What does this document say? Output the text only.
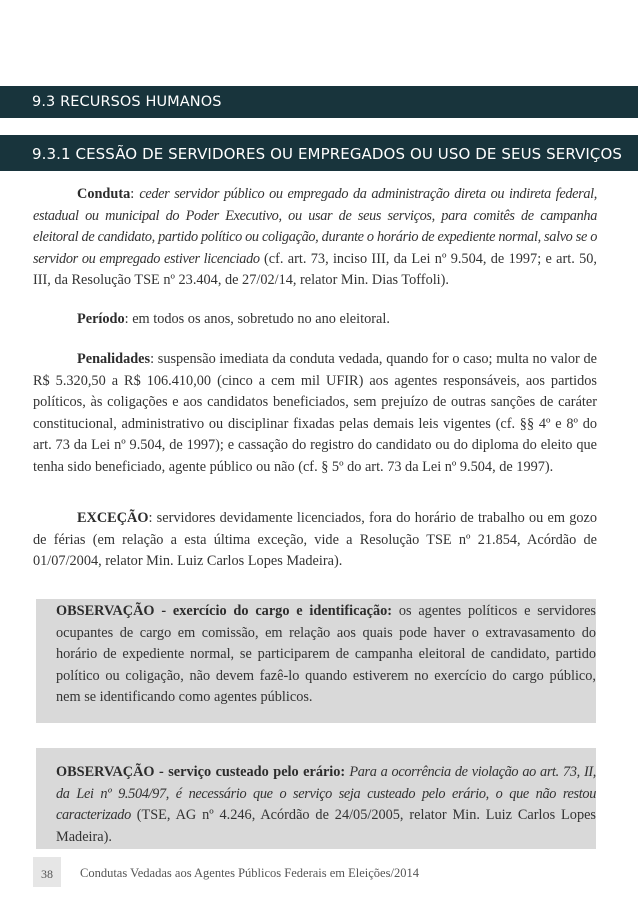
9.3 RECURSOS HUMANOS
9.3.1 CESSÃO DE SERVIDORES OU EMPREGADOS OU USO DE SEUS SERVIÇOS

Conduta: ceder servidor público ou empregado da administração direta ou indireta federal, estadual ou municipal do Poder Executivo, ou usar de seus serviços, para comitês de campanha eleitoral de candidato, partido político ou coligação, durante o horário de expediente normal, salvo se o servidor ou empregado estiver licenciado (cf. art. 73, inciso III, da Lei nº 9.504, de 1997; e art. 50, III, da Resolução TSE nº 23.404, de 27/02/14, relator Min. Dias Toffoli).

Período: em todos os anos, sobretudo no ano eleitoral.

Penalidades: suspensão imediata da conduta vedada, quando for o caso; multa no valor de R$ 5.320,50 a R$ 106.410,00 (cinco a cem mil UFIR) aos agentes responsáveis, aos partidos políticos, às coligações e aos candidatos beneficiados, sem prejuízo de outras sanções de caráter constitucional, administrativo ou disciplinar fixadas pelas demais leis vigentes (cf. §§ 4º e 8º do art. 73 da Lei nº 9.504, de 1997); e cassação do registro do candidato ou do diploma do eleito que tenha sido beneficiado, agente público ou não (cf. § 5º do art. 73 da Lei nº 9.504, de 1997).

EXCEÇÃO: servidores devidamente licenciados, fora do horário de trabalho ou em gozo de férias (em relação a esta última exceção, vide a Resolução TSE nº 21.854, Acórdão de 01/07/2004, relator Min. Luiz Carlos Lopes Madeira).

OBSERVAÇÃO - exercício do cargo e identificação: os agentes políticos e servidores ocupantes de cargo em comissão, em relação aos quais pode haver o extravasamento do horário de expediente normal, se participarem de campanha eleitoral de candidato, partido político ou coligação, não devem fazê-lo quando estiverem no exercício do cargo público, nem se identificando como agentes públicos.

OBSERVAÇÃO - serviço custeado pelo erário: Para a ocorrência de violação ao art. 73, II, da Lei nº 9.504/97, é necessário que o serviço seja custeado pelo erário, o que não restou caracterizado (TSE, AG nº 4.246, Acórdão de 24/05/2005, relator Min. Luiz Carlos Lopes Madeira).

38	Condutas Vedadas aos Agentes Públicos Federais em Eleições/2014
